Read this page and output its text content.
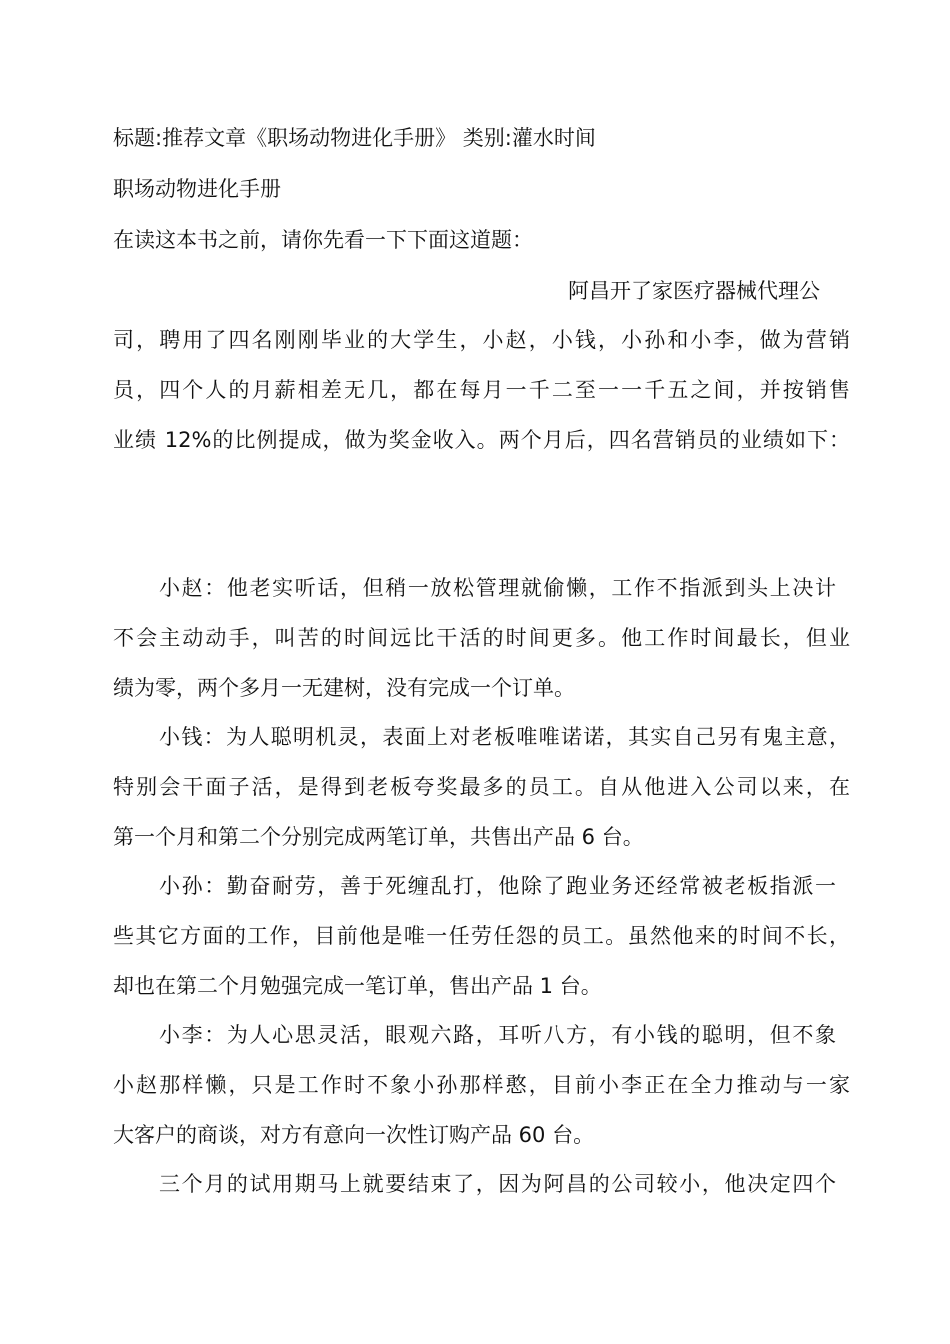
标题:推荐文章《职场动物进化手册》 类别:灌水时间
职场动物进化手册
在读这本书之前，请你先看一下下面这道题：
阿昌开了家医疗器械代理公
司，聘用了四名刚刚毕业的大学生，小赵，小钱，小孙和小李，做为营销
员，四个人的月薪相差无几，都在每月一千二至一一千五之间，并按销售
业绩 12%的比例提成，做为奖金收入。两个月后，四名营销员的业绩如下：
小赵：他老实听话，但稍一放松管理就偷懒，工作不指派到头上决计
不会主动动手，叫苦的时间远比干活的时间更多。他工作时间最长，但业
绩为零，两个多月一无建树，没有完成一个订单。
小钱：为人聪明机灵，表面上对老板唯唯诺诺，其实自己另有鬼主意，
特别会干面子活，是得到老板夸奖最多的员工。自从他进入公司以来，在
第一个月和第二个分别完成两笔订单，共售出产品 6 台。
小孙：勤奋耐劳，善于死缠乱打，他除了跑业务还经常被老板指派一
些其它方面的工作，目前他是唯一任劳任怨的员工。虽然他来的时间不长，
却也在第二个月勉强完成一笔订单，售出产品 1 台。
小李：为人心思灵活，眼观六路，耳听八方，有小钱的聪明，但不象
小赵那样懒，只是工作时不象小孙那样憨，目前小李正在全力推动与一家
大客户的商谈，对方有意向一次性订购产品 60 台。
三个月的试用期马上就要结束了，因为阿昌的公司较小，他决定四个
